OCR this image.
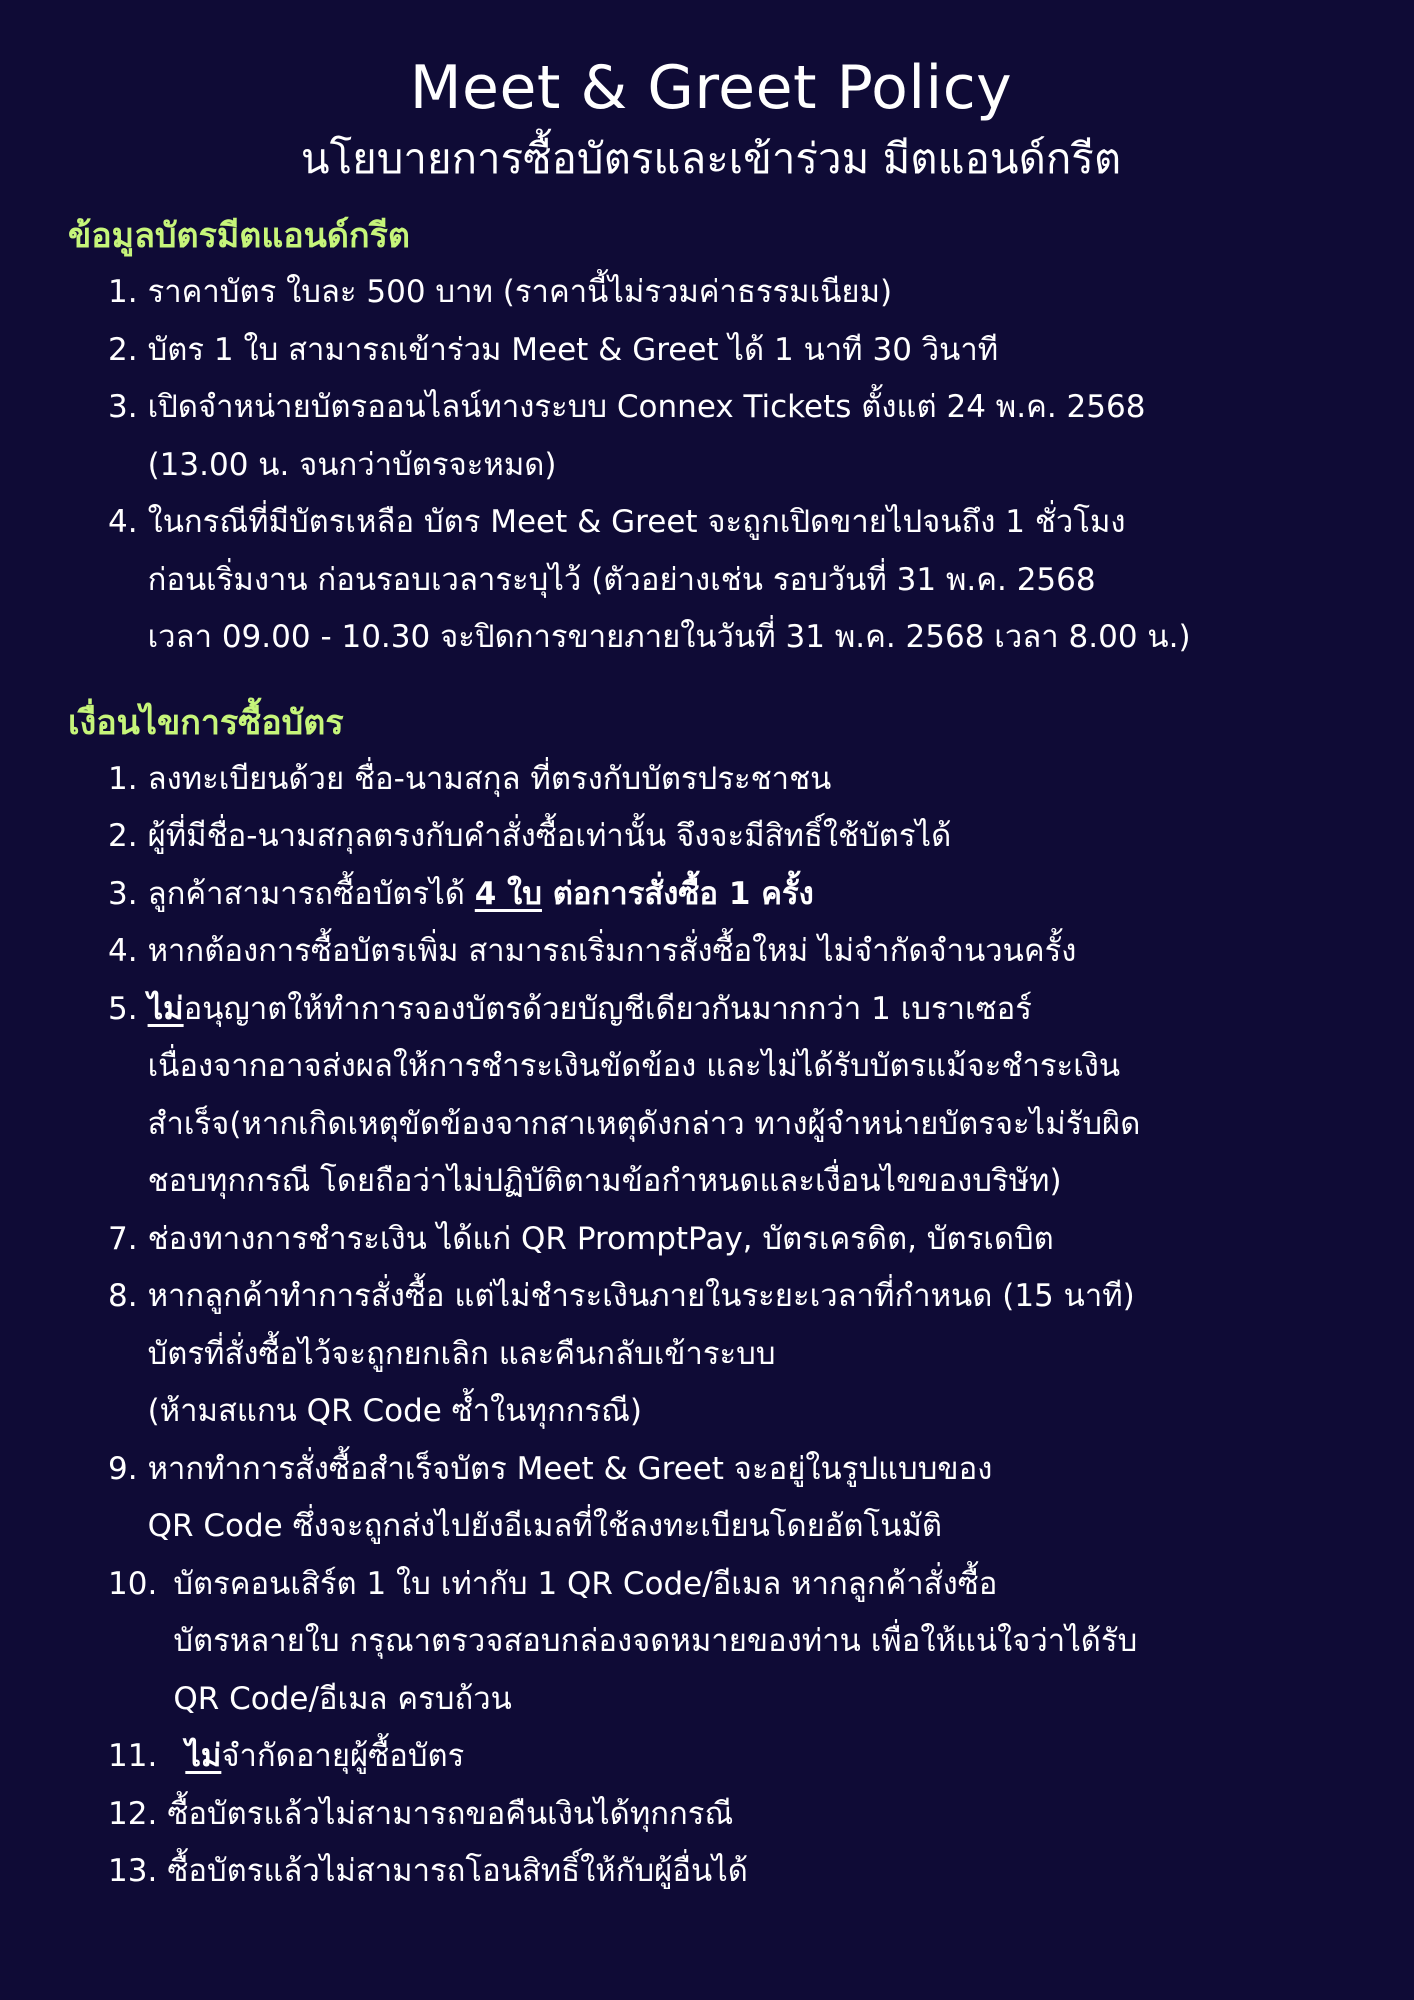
Meet & Greet Policy
นโยบายการซื้อบัตรและเข้าร่วม มีตแอนด์กรีต
ข้อมูลบัตรมีตแอนด์กรีต
1. ราคาบัตร ใบละ 500 บาท (ราคานี้ไม่รวมค่าธรรมเนียม)
2. บัตร 1 ใบ สามารถเข้าร่วม Meet & Greet ได้ 1 นาที 30 วินาที
3. เปิดจำหน่ายบัตรออนไลน์ทางระบบ Connex Tickets ตั้งแต่ 24 พ.ค. 2568
(13.00 น. จนกว่าบัตรจะหมด)
4. ในกรณีที่มีบัตรเหลือ บัตร Meet & Greet จะถูกเปิดขายไปจนถึง 1 ชั่วโมง
ก่อนเริ่มงาน ก่อนรอบเวลาระบุไว้ (ตัวอย่างเช่น รอบวันที่ 31 พ.ค. 2568
เวลา 09.00 - 10.30 จะปิดการขายภายในวันที่ 31 พ.ค. 2568 เวลา 8.00 น.)
เงื่อนไขการซื้อบัตร
1. ลงทะเบียนด้วย ชื่อ-นามสกุล ที่ตรงกับบัตรประชาชน
2. ผู้ที่มีชื่อ-นามสกุลตรงกับคำสั่งซื้อเท่านั้น จึงจะมีสิทธิ์ใช้บัตรได้
3. ลูกค้าสามารถซื้อบัตรได้ 4 ใบ ต่อการสั่งซื้อ 1 ครั้ง
4. หากต้องการซื้อบัตรเพิ่ม สามารถเริ่มการสั่งซื้อใหม่ ไม่จำกัดจำนวนครั้ง
5. ไม่อนุญาตให้ทำการจองบัตรด้วยบัญชีเดียวกันมากกว่า 1 เบราเซอร์
เนื่องจากอาจส่งผลให้การชำระเงินขัดข้อง และไม่ได้รับบัตรแม้จะชำระเงิน
สำเร็จ(หากเกิดเหตุขัดข้องจากสาเหตุดังกล่าว ทางผู้จำหน่ายบัตรจะไม่รับผิด
ชอบทุกกรณี โดยถือว่าไม่ปฏิบัติตามข้อกำหนดและเงื่อนไขของบริษัท)
7. ช่องทางการชำระเงิน ได้แก่ QR PromptPay, บัตรเครดิต, บัตรเดบิต
8. หากลูกค้าทำการสั่งซื้อ แต่ไม่ชำระเงินภายในระยะเวลาที่กำหนด (15 นาที)
บัตรที่สั่งซื้อไว้จะถูกยกเลิก และคืนกลับเข้าระบบ
(ห้ามสแกน QR Code ซ้ำในทุกกรณี)
9. หากทำการสั่งซื้อสำเร็จบัตร Meet & Greet จะอยู่ในรูปแบบของ
QR Code ซึ่งจะถูกส่งไปยังอีเมลที่ใช้ลงทะเบียนโดยอัตโนมัติ
10. บัตรคอนเสิร์ต 1 ใบ เท่ากับ 1 QR Code/อีเมล หากลูกค้าสั่งซื้อ
บัตรหลายใบ กรุณาตรวจสอบกล่องจดหมายของท่าน เพื่อให้แน่ใจว่าได้รับ
QR Code/อีเมล ครบถ้วน
11. ไม่จำกัดอายุผู้ซื้อบัตร
12. ซื้อบัตรแล้วไม่สามารถขอคืนเงินได้ทุกกรณี
13. ซื้อบัตรแล้วไม่สามารถโอนสิทธิ์ให้กับผู้อื่นได้
